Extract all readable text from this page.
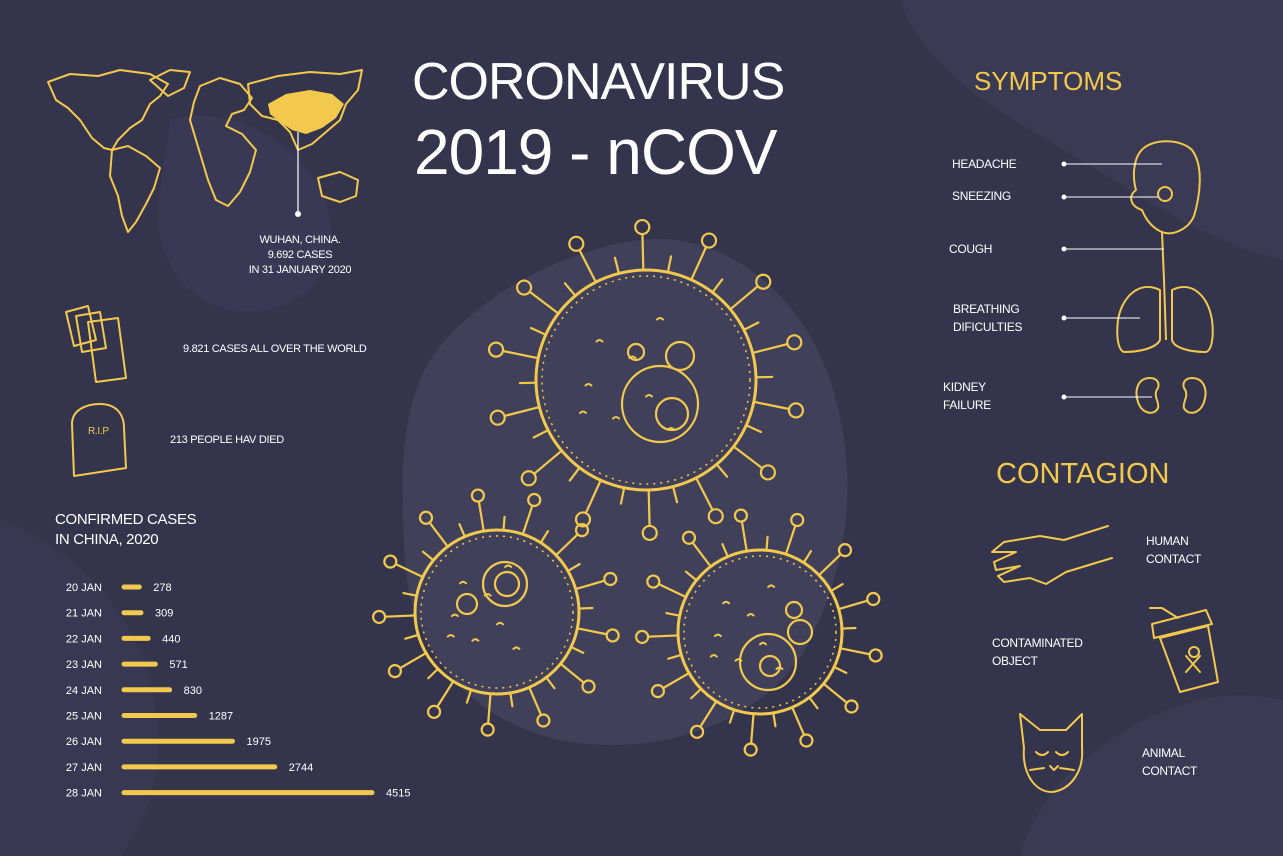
WUHAN, CHINA.
9.692 CASES
IN 31 JANUARY 2020
R.I.P
9.821 CASES ALL OVER THE WORLD
213 PEOPLE HAV DIED
CONFIRMED CASES
IN CHINA, 2020
20 JAN	278
21 JAN	309
22 JAN	440
23 JAN	571
24 JAN	830
25 JAN	1287
26 JAN	1975
27 JAN	2744
28 JAN	4515
CORONAVIRUS
2019 - nCOV
SYMPTOMS
HEADACHE
SNEEZING
COUGH
BREATHING
DIFICULTIES
KIDNEY
FAILURE
CONTAGION
HUMAN
CONTACT
CONTAMINATED
OBJECT
ANIMAL
CONTACT
